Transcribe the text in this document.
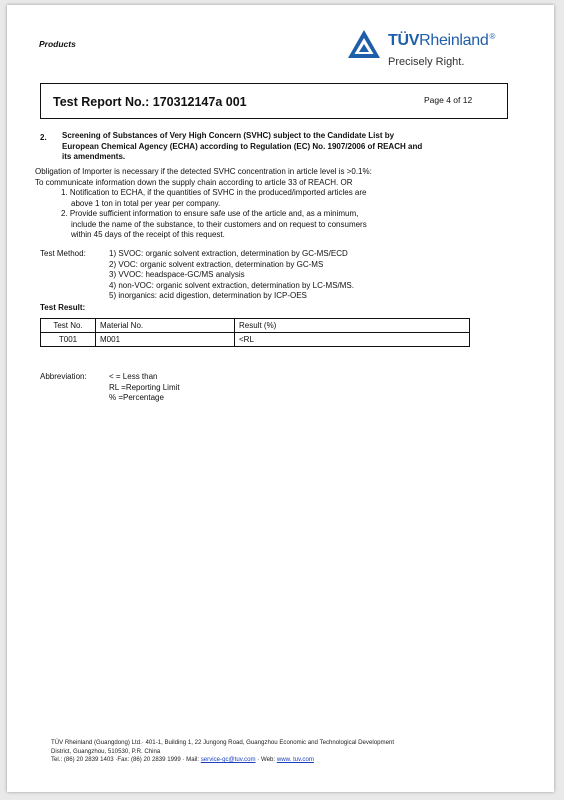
Products	TÜVRheinland®
Precisely Right.
Test Report No.: 170312147a 001	Page 4 of 12
2. Screening of Substances of Very High Concern (SVHC) subject to the Candidate List by
European Chemical Agency (ECHA) according to Regulation (EC) No. 1907/2006 of REACH and
its amendments.
Obligation of Importer is necessary if the detected SVHC concentration in article level is >0.1%:
To communicate information down the supply chain according to article 33 of REACH. OR
1. Notification to ECHA, if the quantities of SVHC in the produced/imported articles are
above 1 ton in total per year per company.
2. Provide sufficient information to ensure safe use of the article and, as a minimum,
include the name of the substance, to their customers and on request to consumers
within 45 days of the receipt of this request.
Test Method:	1) SVOC: organic solvent extraction, determination by GC-MS/ECD
2) VOC: organic solvent extraction, determination by GC-MS
3) VVOC: headspace-GC/MS analysis
4) non-VOC: organic solvent extraction, determination by LC-MS/MS.
5) inorganics: acid digestion, determination by ICP-OES
Test Result:
Test No.	Material No.	Result (%)
T001	M001	<RL
Abbreviation:	< = Less than
RL =Reporting Limit
% =Percentage
TÜV Rheinland (Guangdong) Ltd.· 401-1, Building 1, 22 Jungong Road, Guangzhou Economic and Technological Development
District, Guangzhou, 510530, P.R. China
Tel.: (86) 20 2839 1403 ·Fax: (86) 20 2839 1999 · Mail: service-gc@tuv.com · Web: www. tuv.com
